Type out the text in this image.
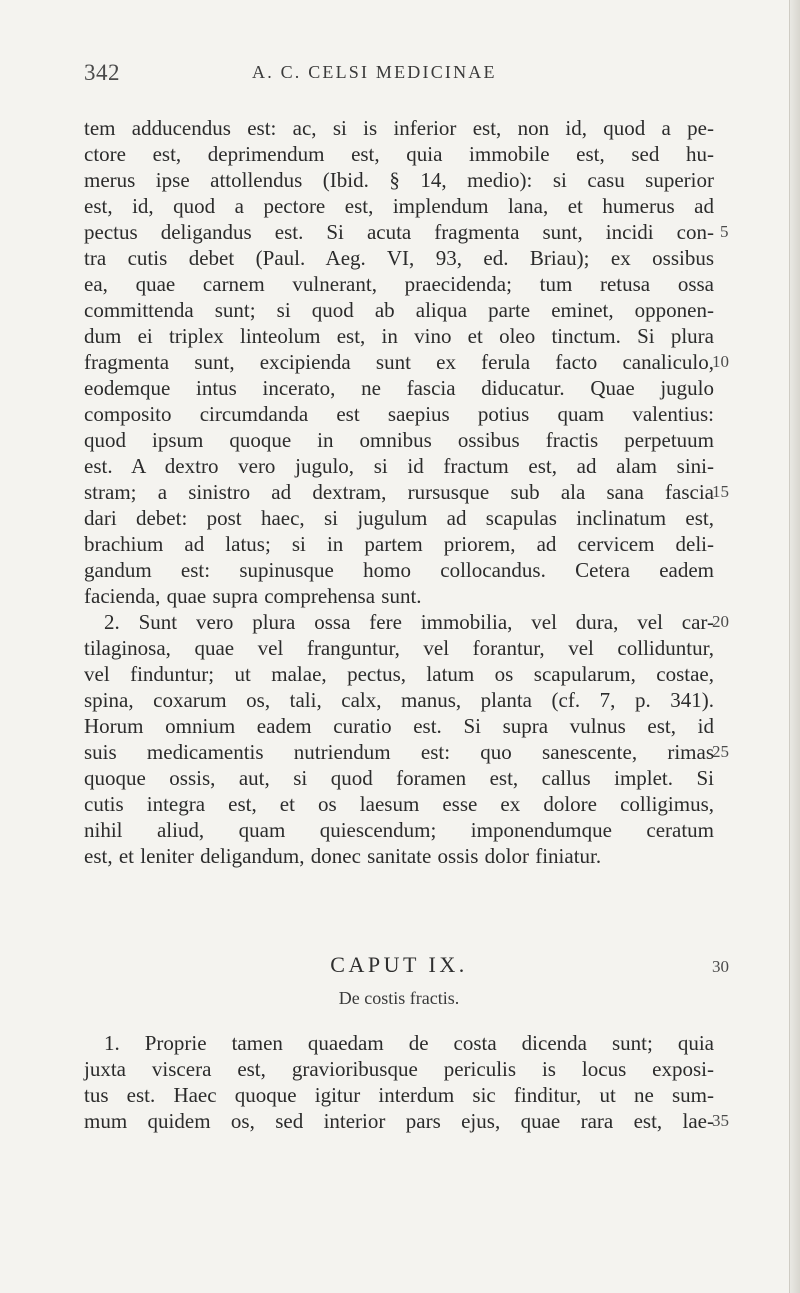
342	A. C. CELSI MEDICINAE
tem adducendus est: ac, si is inferior est, non id, quod a pe-
ctore est, deprimendum est, quia immobile est, sed hu-
merus ipse attollendus (Ibid. § 14, medio): si casu superior
est, id, quod a pectore est, implendum lana, et humerus ad
pectus deligandus est. Si acuta fragmenta sunt, incidi con-
tra cutis debet (Paul. Aeg. VI, 93, ed. Briau); ex ossibus
ea, quae carnem vulnerant, praecidenda; tum retusa ossa
committenda sunt; si quod ab aliqua parte eminet, opponen-
dum ei triplex linteolum est, in vino et oleo tinctum. Si plura
fragmenta sunt, excipienda sunt ex ferula facto canaliculo,
eodemque intus incerato, ne fascia diducatur. Quae jugulo
composito circumdanda est saepius potius quam valentius:
quod ipsum quoque in omnibus ossibus fractis perpetuum
est. A dextro vero jugulo, si id fractum est, ad alam sini-
stram; a sinistro ad dextram, rursusque sub ala sana fascia
dari debet: post haec, si jugulum ad scapulas inclinatum est,
brachium ad latus; si in partem priorem, ad cervicem deli-
gandum est: supinusque homo collocandus. Cetera eadem
facienda, quae supra comprehensa sunt.
2. Sunt vero plura ossa fere immobilia, vel dura, vel car-
tilaginosa, quae vel franguntur, vel forantur, vel colliduntur,
vel finduntur; ut malae, pectus, latum os scapularum, costae,
spina, coxarum os, tali, calx, manus, planta (cf. 7, p. 341).
Horum omnium eadem curatio est. Si supra vulnus est, id
suis medicamentis nutriendum est: quo sanescente, rimas
quoque ossis, aut, si quod foramen est, callus implet. Si
cutis integra est, et os laesum esse ex dolore colligimus,
nihil aliud, quam quiescendum; imponendumque ceratum
est, et leniter deligandum, donec sanitate ossis dolor finiatur.
CAPUT IX.
De costis fractis.
1. Proprie tamen quaedam de costa dicenda sunt; quia
juxta viscera est, gravioribusque periculis is locus exposi-
tus est. Haec quoque igitur interdum sic finditur, ut ne sum-
mum quidem os, sed interior pars ejus, quae rara est, lae-
5
10
15
20
25
30
35
